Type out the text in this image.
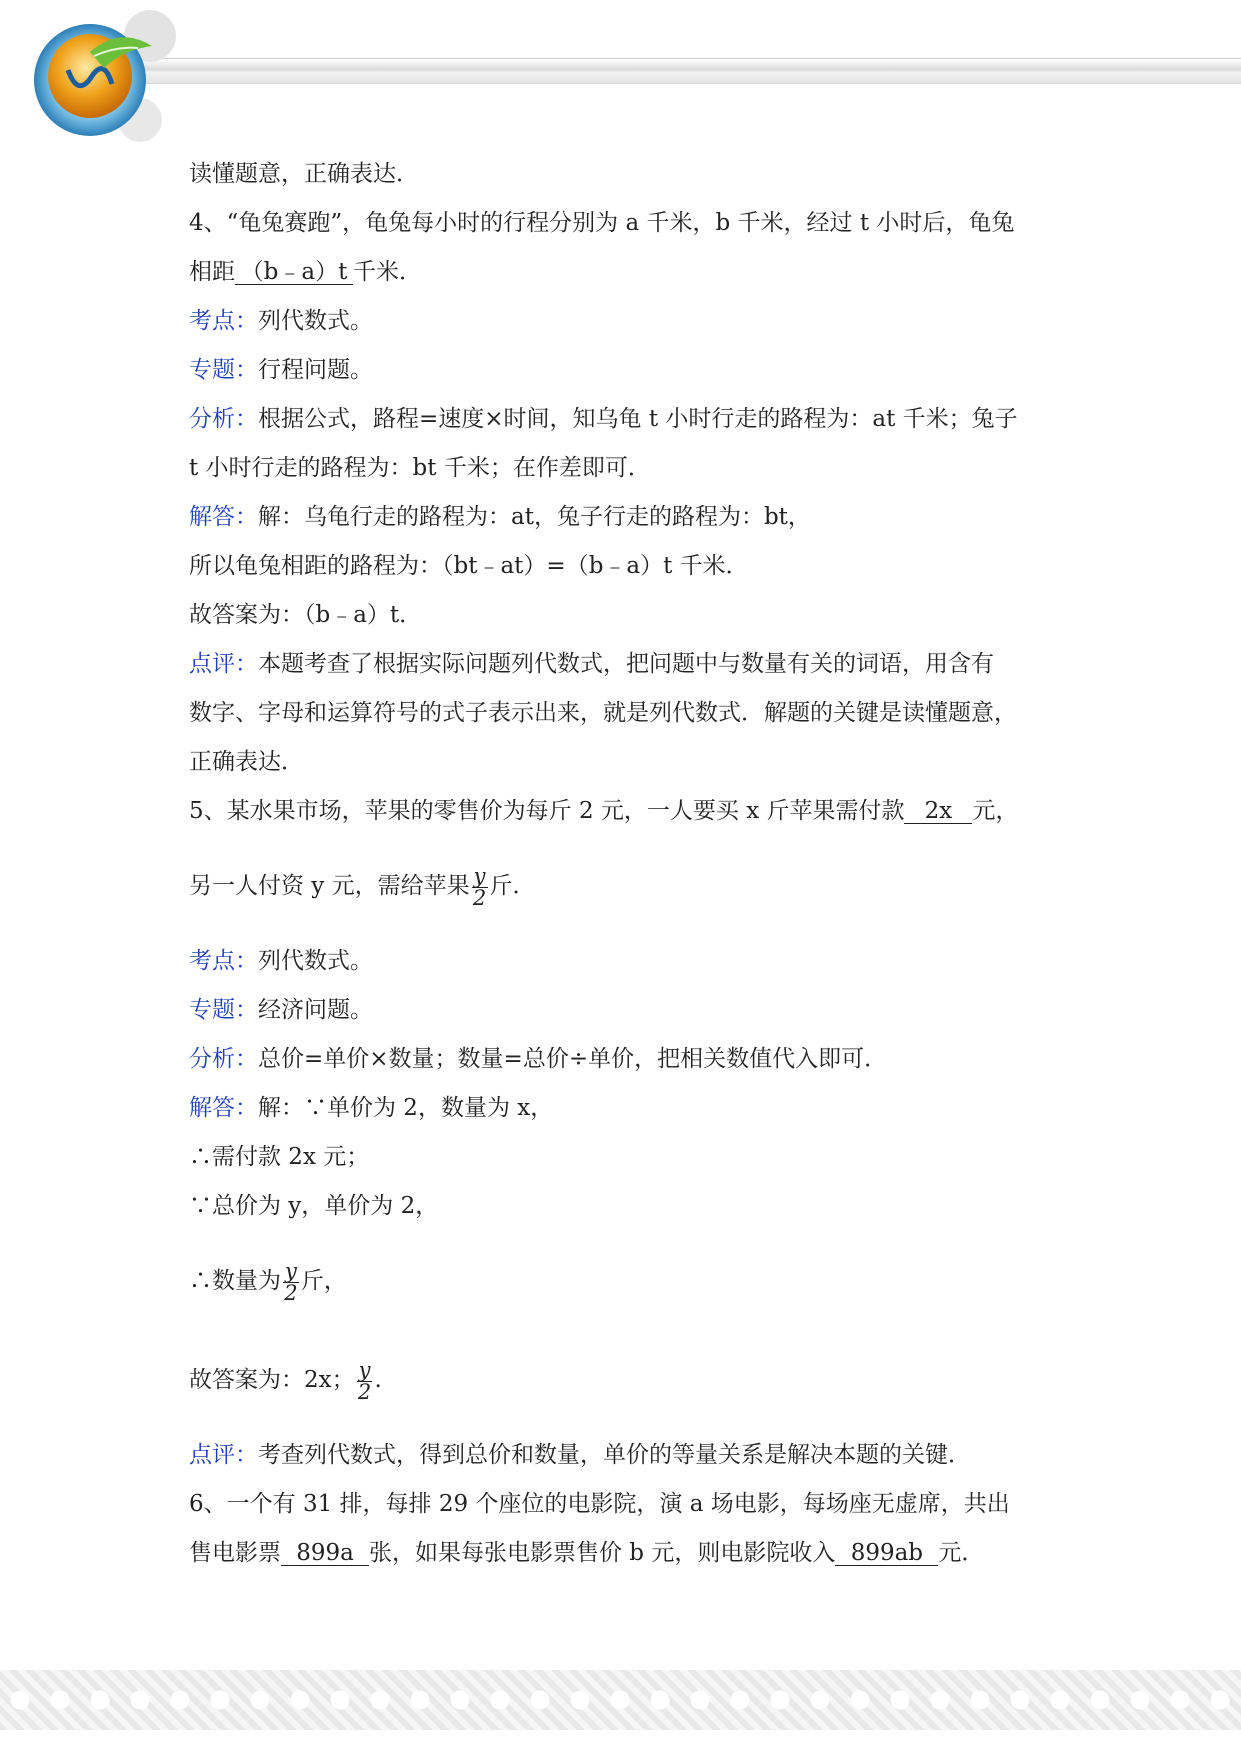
读懂题意，正确表达．

4、“龟兔赛跑”，龟兔每小时的行程分别为 a 千米，b 千米，经过 t 小时后，龟兔

相距 （b﹣a）t 千米．

考点：列代数式。

专题：行程问题。

分析：根据公式，路程=速度×时间，知乌龟 t 小时行走的路程为：at 千米；兔子

t 小时行走的路程为：bt 千米；在作差即可．

解答：解：乌龟行走的路程为：at，兔子行走的路程为：bt，

所以龟兔相距的路程为：（bt﹣at）=（b﹣a）t 千米．

故答案为：（b﹣a）t．

点评：本题考查了根据实际问题列代数式，把问题中与数量有关的词语，用含有

数字、字母和运算符号的式子表示出来，就是列代数式．解题的关键是读懂题意，

正确表达．

5、某水果市场，苹果的零售价为每斤 2 元，一人要买 x 斤苹果需付款 2x 元，

另一人付资 y 元，需给苹果 $\frac{y}{2}$ 斤．

考点：列代数式。

专题：经济问题。

分析：总价=单价×数量；数量=总价÷单价，把相关数值代入即可．

解答：解：∵单价为 2，数量为 x，

∴需付款 2x 元；

∵总价为 y，单价为 2，

∴数量为 $\frac{y}{2}$ 斤，

故答案为：2x； $\frac{y}{2}$ .

点评：考查列代数式，得到总价和数量，单价的等量关系是解决本题的关键．

6、一个有 31 排，每排 29 个座位的电影院，演 a 场电影，每场座无虚席，共出

售电影票 899a 张，如果每张电影票售价 b 元，则电影院收入 899ab 元．
